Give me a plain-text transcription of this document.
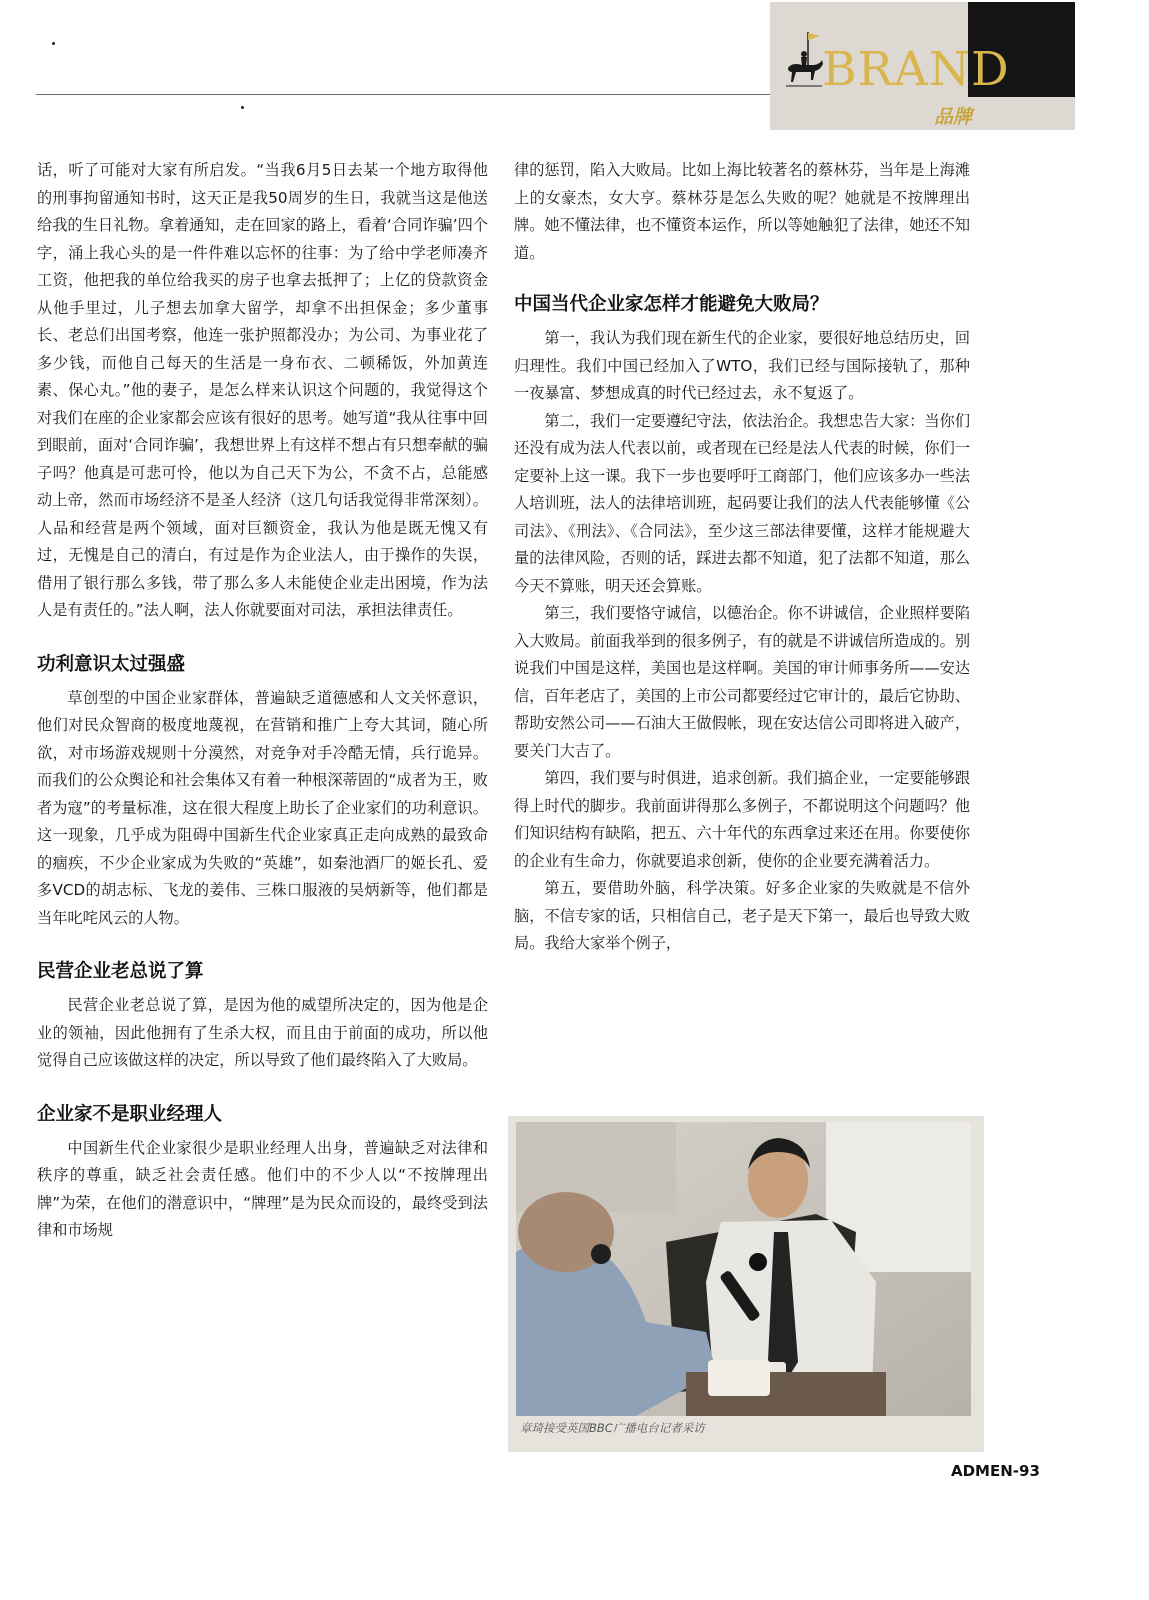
BRAND
品牌

话，听了可能对大家有所启发。“当我6月5日去某一个地方取得他的刑事拘留通知书时，这天正是我50周岁的生日，我就当这是他送给我的生日礼物。拿着通知，走在回家的路上，看着‘合同诈骗’四个字，涌上我心头的是一件件难以忘怀的往事：为了给中学老师凑齐工资，他把我的单位给我买的房子也拿去抵押了；上亿的贷款资金从他手里过，儿子想去加拿大留学，却拿不出担保金；多少董事长、老总们出国考察，他连一张护照都没办；为公司、为事业花了多少钱，而他自己每天的生活是一身布衣、二顿稀饭，外加黄连素、保心丸。”他的妻子，是怎么样来认识这个问题的，我觉得这个对我们在座的企业家都会应该有很好的思考。她写道“我从往事中回到眼前，面对‘合同诈骗’，我想世界上有这样不想占有只想奉献的骗子吗？他真是可悲可怜，他以为自己天下为公，不贪不占，总能感动上帝，然而市场经济不是圣人经济（这几句话我觉得非常深刻）。人品和经营是两个领域，面对巨额资金，我认为他是既无愧又有过，无愧是自己的清白，有过是作为企业法人，由于操作的失误，借用了银行那么多钱，带了那么多人未能使企业走出困境，作为法人是有责任的。”法人啊，法人你就要面对司法，承担法律责任。

功利意识太过强盛

草创型的中国企业家群体，普遍缺乏道德感和人文关怀意识，他们对民众智商的极度地蔑视，在营销和推广上夸大其词，随心所欲，对市场游戏规则十分漠然，对竞争对手冷酷无情，兵行诡异。而我们的公众舆论和社会集体又有着一种根深蒂固的“成者为王，败者为寇”的考量标准，这在很大程度上助长了企业家们的功利意识。这一现象，几乎成为阻碍中国新生代企业家真正走向成熟的最致命的痼疾，不少企业家成为失败的“英雄”，如秦池酒厂的姬长孔、爱多VCD的胡志标、飞龙的姜伟、三株口服液的吴炳新等，他们都是当年叱咤风云的人物。

民营企业老总说了算

民营企业老总说了算，是因为他的威望所决定的，因为他是企业的领袖，因此他拥有了生杀大权，而且由于前面的成功，所以他觉得自己应该做这样的决定，所以导致了他们最终陷入了大败局。

企业家不是职业经理人

中国新生代企业家很少是职业经理人出身，普遍缺乏对法律和秩序的尊重，缺乏社会责任感。他们中的不少人以“不按牌理出牌”为荣，在他们的潜意识中，“牌理”是为民众而设的，最终受到法律和市场规

律的惩罚，陷入大败局。比如上海比较著名的蔡林芬，当年是上海滩上的女豪杰，女大亨。蔡林芬是怎么失败的呢？她就是不按牌理出牌。她不懂法律，也不懂资本运作，所以等她触犯了法律，她还不知道。

中国当代企业家怎样才能避免大败局？

第一，我认为我们现在新生代的企业家，要很好地总结历史，回归理性。我们中国已经加入了WTO，我们已经与国际接轨了，那种一夜暴富、梦想成真的时代已经过去，永不复返了。

第二，我们一定要遵纪守法，依法治企。我想忠告大家：当你们还没有成为法人代表以前，或者现在已经是法人代表的时候，你们一定要补上这一课。我下一步也要呼吁工商部门，他们应该多办一些法人培训班，法人的法律培训班，起码要让我们的法人代表能够懂《公司法》、《刑法》、《合同法》，至少这三部法律要懂，这样才能规避大量的法律风险，否则的话，踩进去都不知道，犯了法都不知道，那么今天不算账，明天还会算账。

第三，我们要恪守诚信，以德治企。你不讲诚信，企业照样要陷入大败局。前面我举到的很多例子，有的就是不讲诚信所造成的。别说我们中国是这样，美国也是这样啊。美国的审计师事务所——安达信，百年老店了，美国的上市公司都要经过它审计的，最后它协助、帮助安然公司——石油大王做假帐，现在安达信公司即将进入破产，要关门大吉了。

第四，我们要与时俱进，追求创新。我们搞企业，一定要能够跟得上时代的脚步。我前面讲得那么多例子，不都说明这个问题吗？他们知识结构有缺陷，把五、六十年代的东西拿过来还在用。你要使你的企业有生命力，你就要追求创新，使你的企业要充满着活力。

第五，要借助外脑，科学决策。好多企业家的失败就是不信外脑，不信专家的话，只相信自己，老子是天下第一，最后也导致大败局。我给大家举个例子，

章琦接受英国BBC广播电台记者采访
ADMEN-93
